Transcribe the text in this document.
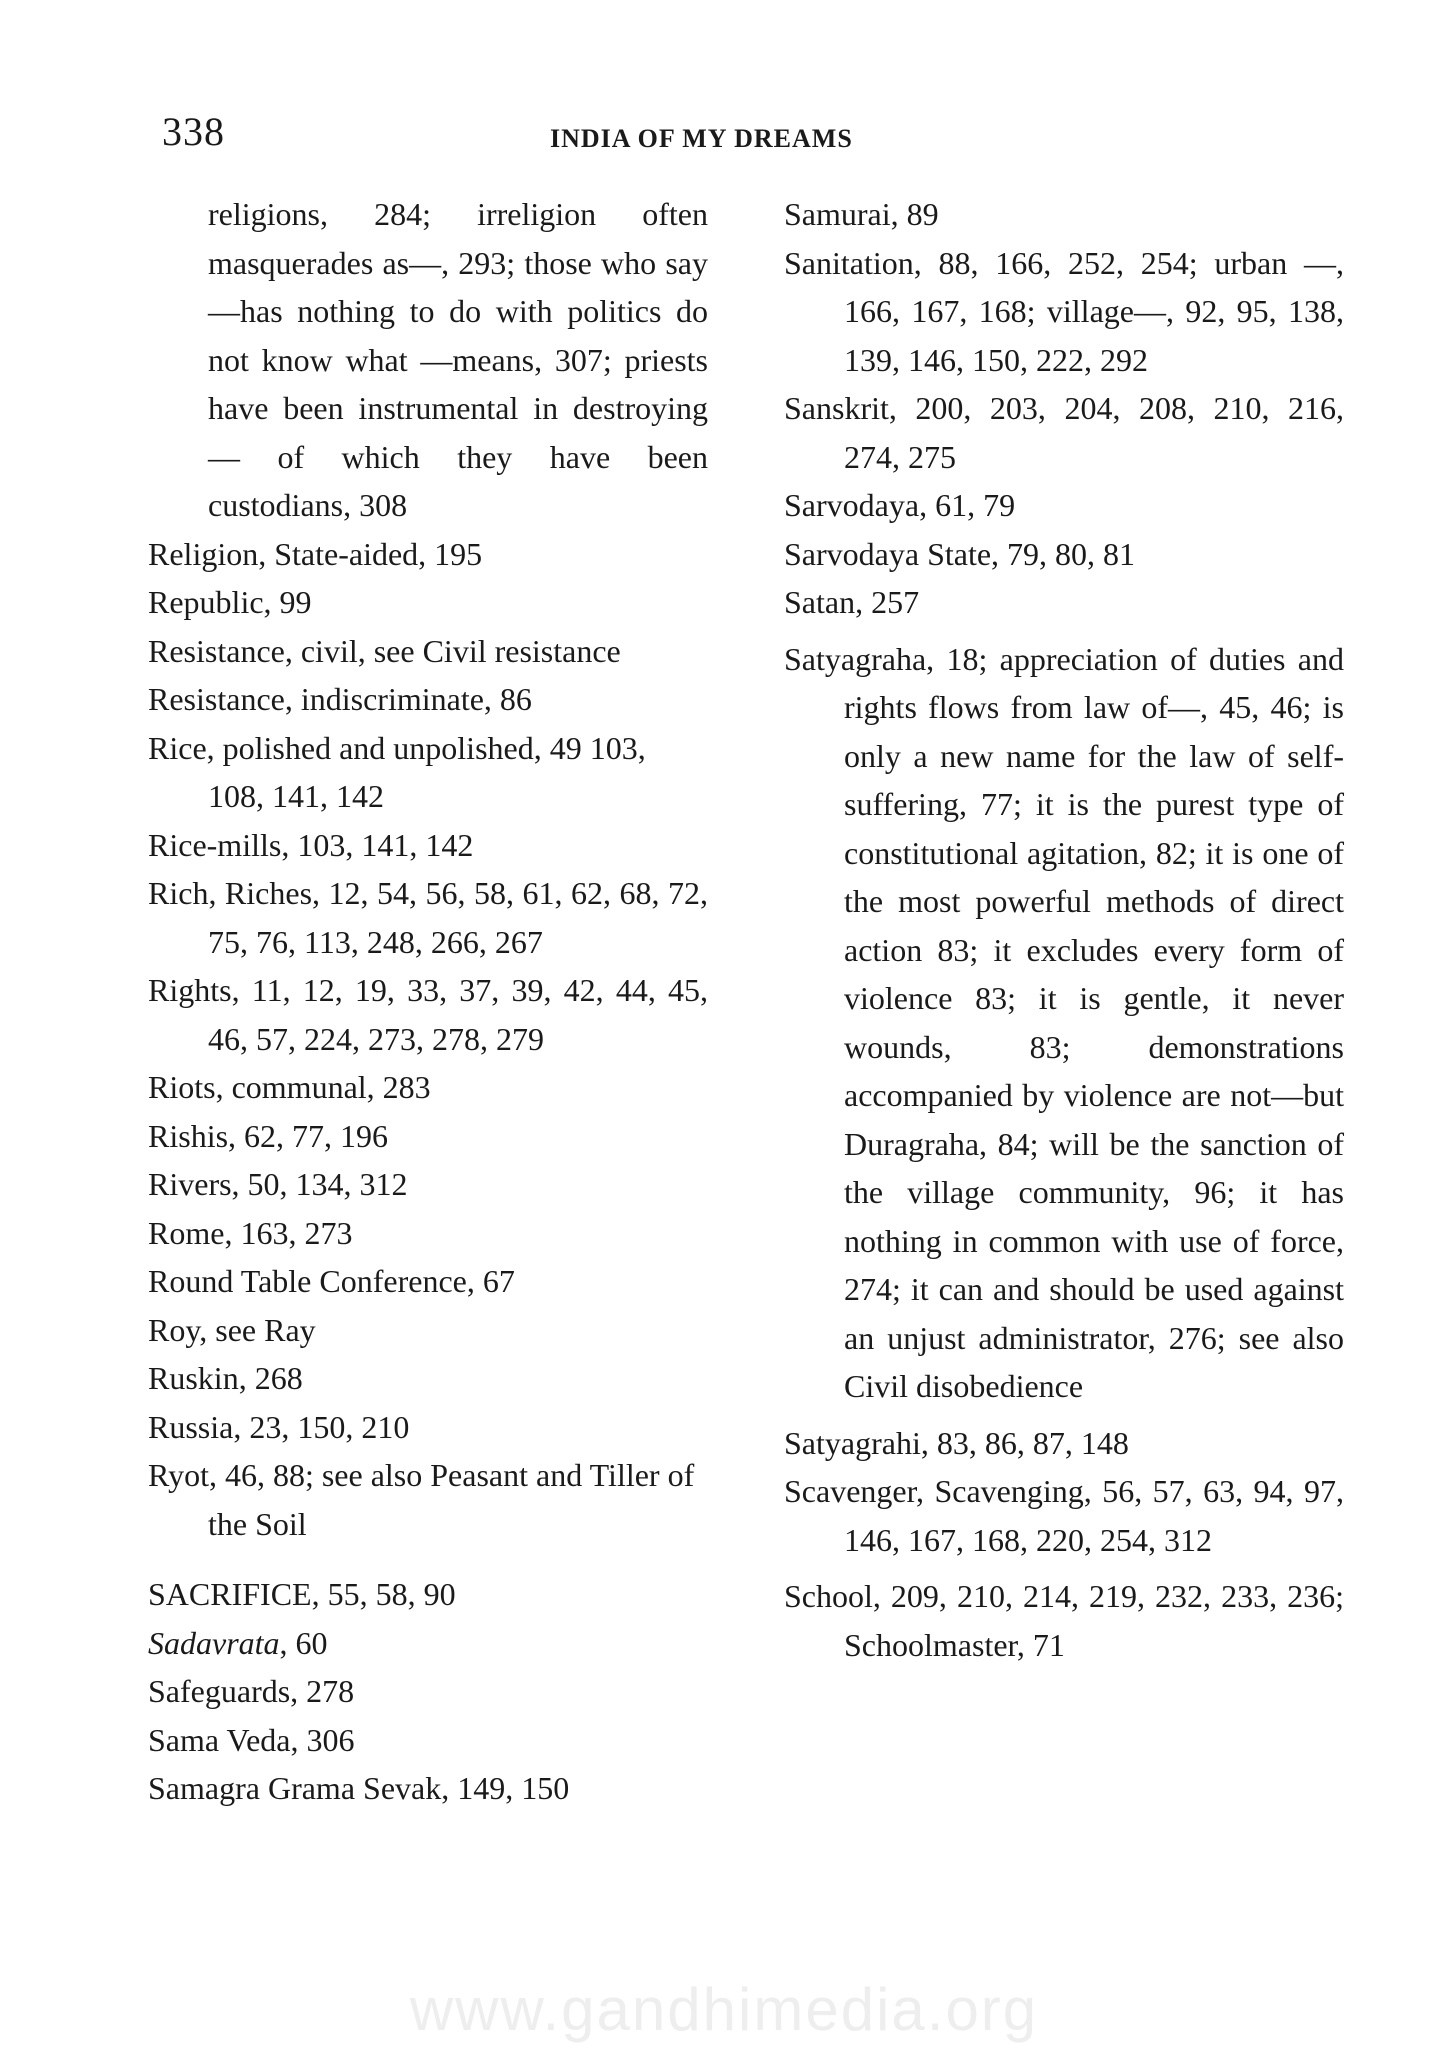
338	INDIA OF MY DREAMS

religions, 284; irreligion often masquerades as—, 293; those who say—has nothing to do with politics do not know what —means, 307; priests have been instrumental in destroying — of which they have been custodians, 308

Religion, State-aided, 195

Republic, 99

Resistance, civil, see Civil resistance

Resistance, indiscriminate, 86

Rice, polished and unpolished, 49 103, 108, 141, 142

Rice-mills, 103, 141, 142

Rich, Riches, 12, 54, 56, 58, 61, 62, 68, 72, 75, 76, 113, 248, 266, 267

Rights, 11, 12, 19, 33, 37, 39, 42, 44, 45, 46, 57, 224, 273, 278, 279

Riots, communal, 283

Rishis, 62, 77, 196

Rivers, 50, 134, 312

Rome, 163, 273

Round Table Conference, 67

Roy, see Ray

Ruskin, 268

Russia, 23, 150, 210

Ryot, 46, 88; see also Peasant and Tiller of the Soil

SACRIFICE, 55, 58, 90

Sadavrata, 60

Safeguards, 278

Sama Veda, 306

Samagra Grama Sevak, 149, 150

Samurai, 89

Sanitation, 88, 166, 252, 254; urban —, 166, 167, 168; village—, 92, 95, 138, 139, 146, 150, 222, 292

Sanskrit, 200, 203, 204, 208, 210, 216, 274, 275

Sarvodaya, 61, 79

Sarvodaya State, 79, 80, 81

Satan, 257

Satyagraha, 18; appreciation of duties and rights flows from law of—, 45, 46; is only a new name for the law of self-suffering, 77; it is the purest type of constitutional agitation, 82; it is one of the most powerful methods of direct action 83; it excludes every form of violence 83; it is gentle, it never wounds, 83; demonstrations accompanied by violence are not—but Duragraha, 84; will be the sanction of the village community, 96; it has nothing in common with use of force, 274; it can and should be used against an unjust administrator, 276; see also Civil disobedience

Satyagrahi, 83, 86, 87, 148

Scavenger, Scavenging, 56, 57, 63, 94, 97, 146, 167, 168, 220, 254, 312

School, 209, 210, 214, 219, 232, 233, 236; Schoolmaster, 71

www.gandhimedia.org
